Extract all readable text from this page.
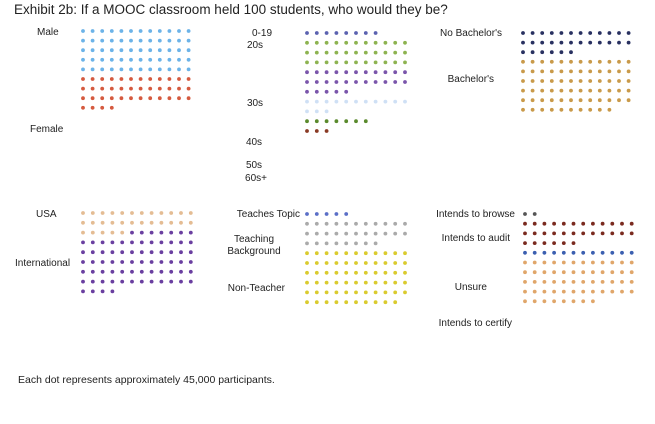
Exhibit 2b: If a MOOC classroom held 100 students, who would they be?
Male
Female
USA
International
0-19
20s
30s
40s
50s
60s+
Teaches Topic
Teaching
Background
Non-Teacher
No Bachelor's
Bachelor's
Intends to browse
Intends to audit
Unsure
Intends to certify
Each dot represents approximately 45,000 participants.
